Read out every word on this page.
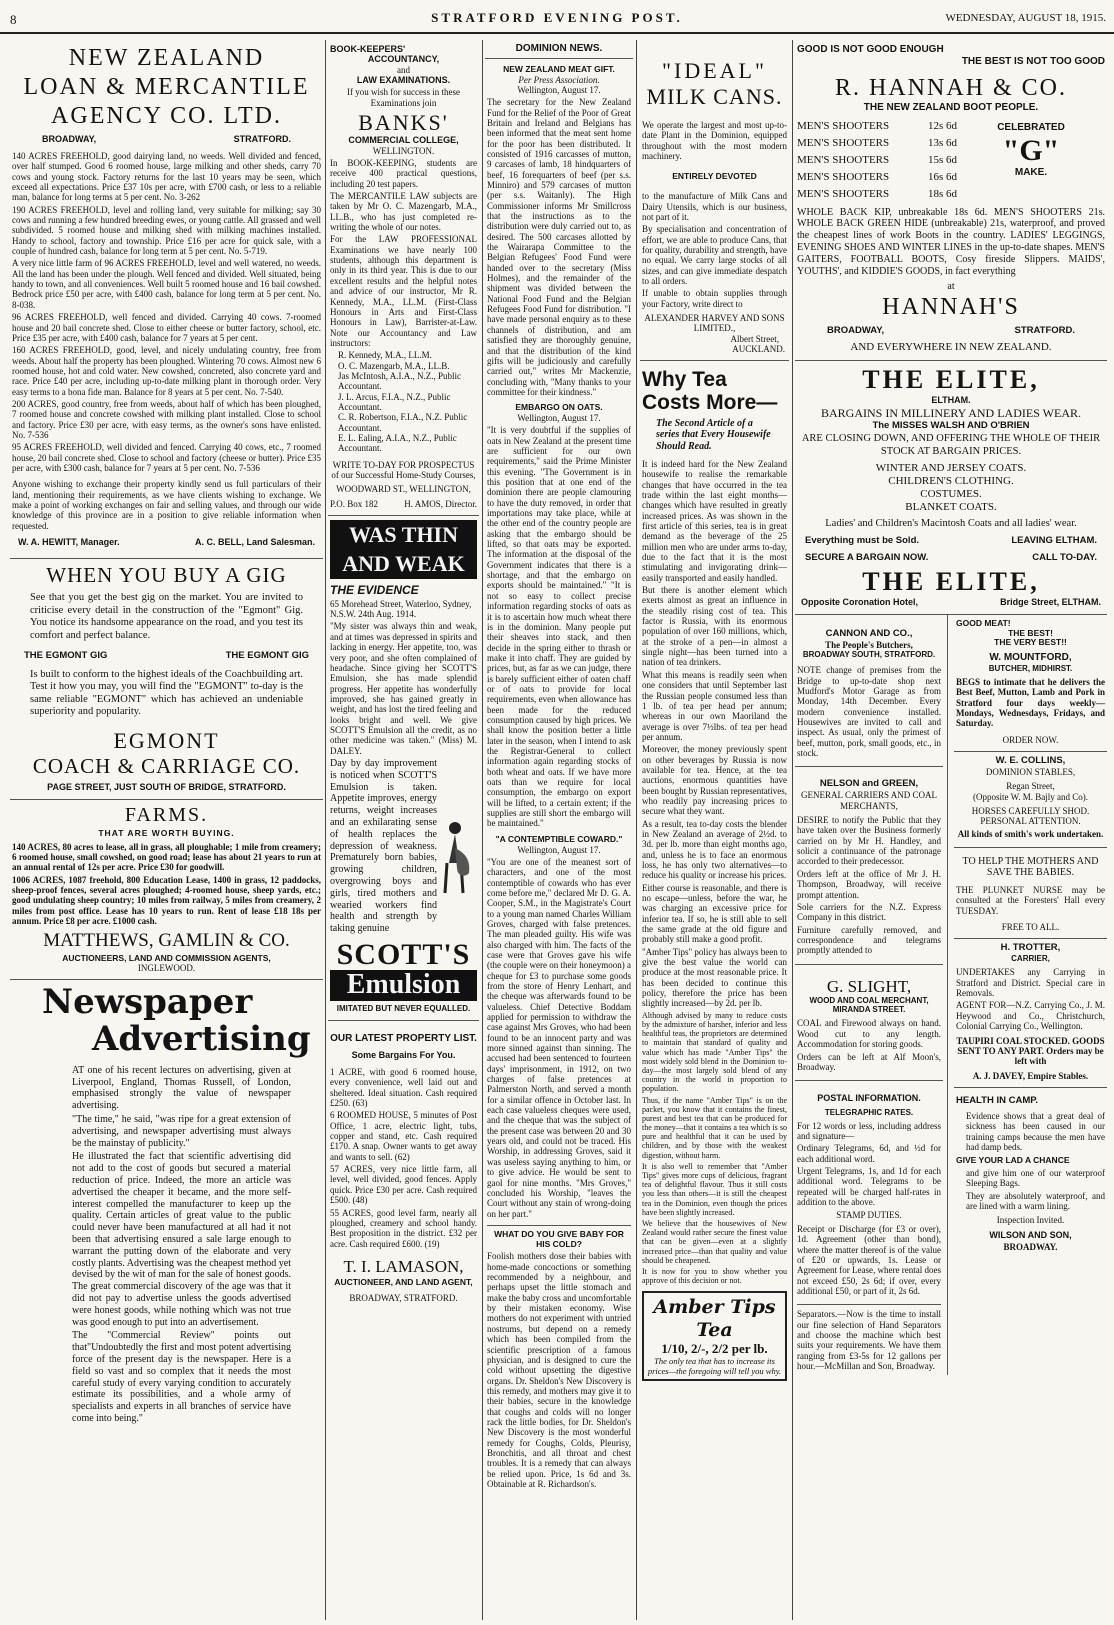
8	STRATFORD EVENING POST.	WEDNESDAY, AUGUST 18, 1915.
NEW ZEALAND
LOAN & MERCANTILE
AGENCY CO. LTD.
BROADWAY,	STRATFORD.

140 ACRES FREEHOLD, good dairying land, no weeds. Well divided and fenced, over half stumped. Good 6 roomed house, large milking and other sheds, carry 70 cows and young stock. Factory returns for the last 10 years may be seen, which exceed all expectations. Price £37 10s per acre, with £700 cash, or less to a reliable man, balance for long terms at 5 per cent. No. 3-262

190 ACRES FREEHOLD, level and rolling land, very suitable for milking; say 30 cows and running a few hundred breeding ewes, or young cattle. All grassed and well subdivided. 5 roomed house and milking shed with milking machines installed. Handy to school, factory and township. Price £16 per acre for quick sale, with a couple of hundred cash, balance for long term at 5 per cent. No. 5-719.

A very nice little farm of 96 ACRES FREEHOLD, level and well watered, no weeds. All the land has been under the plough. Well fenced and divided. Well situated, being handy to town, and all conveniences. Well built 5 roomed house and 16 bail cowshed. Bedrock price £50 per acre, with £400 cash, balance for long term at 5 per cent. No. 8-038.

96 ACRES FREEHOLD, well fenced and divided. Carrying 40 cows. 7-roomed house and 20 bail concrete shed. Close to either cheese or butter factory, school, etc. Price £35 per acre, with £400 cash, balance for 7 years at 5 per cent.

160 ACRES FREEHOLD, good, level, and nicely undulating country, free from weeds. About half the property has been ploughed. Wintering 70 cows. Almost new 6 roomed house, hot and cold water. New cowshed, concreted, also concrete yard and race. Price £40 per acre, including up-to-date milking plant in thorough order. Very easy terms to a bona fide man. Balance for 8 years at 5 per cent. No. 7-540.

200 ACRES, good country, free from weeds, about half of which has been ploughed, 7 roomed house and concrete cowshed with milking plant installed. Close to school and factory. Price £30 per acre, with easy terms, as the owner's sons have enlisted. No. 7-536

95 ACRES FREEHOLD, well divided and fenced. Carrying 40 cows, etc., 7 roomed house, 20 bail concrete shed. Close to school and factory (cheese or butter). Price £35 per acre, with £300 cash, balance for 7 years at 5 per cent. No. 7-536

Anyone wishing to exchange their property kindly send us full particulars of their land, mentioning their requirements, as we have clients wishing to exchange. We make a point of working exchanges on fair and selling values, and through our wide knowledge of this province are in a position to give reliable information when requested.

W. A. HEWITT, Manager.	A. C. BELL, Land Salesman.
WHEN YOU BUY A GIG

See that you get the best gig on the market. You are invited to criticise every detail in the construction of the "Egmont" Gig. You notice its handsome appearance on the road, and you test its comfort and perfect balance.

THE EGMONT GIG	THE EGMONT GIG

Is built to conform to the highest ideals of the Coachbuilding art. Test it how you may, you will find the "EGMONT" to-day is the same reliable "EGMONT" which has achieved an undeniable superiority and popularity.

EGMONT
COACH & CARRIAGE CO.
PAGE STREET, JUST SOUTH OF BRIDGE, STRATFORD.
FARMS.
THAT ARE WORTH BUYING.

140 ACRES, 80 acres to lease, all in grass, all ploughable; 1 mile from creamery; 6 roomed house, small cowshed, on good road; lease has about 21 years to run at an annual rental of 12s per acre. Price £30 for goodwill.

1006 ACRES, 1087 freehold, 800 Education Lease, 1400 in grass, 12 paddocks, sheep-proof fences, several acres ploughed; 4-roomed house, sheep yards, etc.; good undulating sheep country; 10 miles from railway, 5 miles from creamery, 2 miles from post office. Lease has 10 years to run. Rent of lease £18 18s per annum. Price £8 per acre. £1000 cash.

MATTHEWS, GAMLIN & CO.
AUCTIONEERS, LAND AND COMMISSION AGENTS,
INGLEWOOD.
Newspaper
Advertising

AT one of his recent lectures on advertising, given at Liverpool, England, Thomas Russell, of London, emphasised strongly the value of newspaper advertising.

"The time," he said, "was ripe for a great extension of advertising, and newspaper advertising must always be the mainstay of publicity."

He illustrated the fact that scientific advertising did not add to the cost of goods but secured a material reduction of price. Indeed, the more an article was advertised the cheaper it became, and the more self-interest compelled the manufacturer to keep up the quality. Certain articles of great value to the public could never have been manufactured at all had it not been that advertising ensured a sale large enough to warrant the putting down of the elaborate and very costly plants. Advertising was the cheapest method yet devised by the wit of man for the sale of honest goods. The great commercial discovery of the age was that it did not pay to advertise unless the goods advertised were honest goods, while nothing which was not true was good enough to put into an advertisement.

The "Commercial Review" points out that"Undoubtedly the first and most potent advertising force of the present day is the newspaper. Here is a field so vast and so complex that it needs the most careful study of every varying condition to accurately estimate its possibilities, and a whole army of specialists and experts in all branches of service have come into being."

BOOK-KEEPERS'
ACCOUNTANCY,
and
LAW EXAMINATIONS.

If you wish for success in these Examinations join

BANKS'
COMMERCIAL COLLEGE,
WELLINGTON.

In BOOK-KEEPING, students are receive 400 practical questions, including 20 test papers.

The MERCANTILE LAW subjects are taken by Mr O. C. Mazengarb, M.A., LL.B., who has just completed re-writing the whole of our notes.

For the LAW PROFESSIONAL Examinations we have nearly 100 students, although this department is only in its third year. This is due to our excellent results and the helpful notes and advice of our instructor, Mr R. Kennedy, M.A., LL.M. (First-Class Honours in Arts and First-Class Honours in Law), Barrister-at-Law. Note our Accountancy and Law instructors:

R. Kennedy, M.A., LL.M.
O. C. Mazengarb, M.A., LL.B.
Jas McIntosh, A.I.A., N.Z., Public Accountant.
J. L. Arcus, F.I.A., N.Z., Public Accountant.
C. R. Robertson, F.I.A., N.Z. Public Accountant.
E. L. Ealing, A.I.A., N.Z., Public Accountant.
WRITE TO-DAY FOR PROSPECTUS
of our Successful Home-Study Courses,
WOODWARD ST., WELLINGTON,
P.O. Box 182	H. AMOS, Director.
WAS THIN
AND WEAK
THE EVIDENCE

65 Morehead Street, Waterloo, Sydney, N.S.W. 24th Aug. 1914.

"My sister was always thin and weak, and at times was depressed in spirits and lacking in energy. Her appetite, too, was very poor, and she often complained of headache. Since giving her SCOTT'S Emulsion, she has made splendid progress. Her appetite has wonderfully improved, she has gained greatly in weight, and has lost the tired feeling and looks bright and well. We give SCOTT'S Emulsion all the credit, as no other medicine was taken." (Miss) M. DALEY.

Day by day improvement is noticed when SCOTT'S Emulsion is taken. Appetite improves, energy returns, weight increases and an exhilarating sense of health replaces the depression of weakness. Prematurely born babies, growing children, overgrowing boys and girls, tired mothers and wearied workers find health and strength by taking genuine

SCOTT'S
Emulsion
IMITATED BUT NEVER EQUALLED.
OUR LATEST PROPERTY LIST.
Some Bargains For You.

1 ACRE, with good 6 roomed house, every convenience, well laid out and sheltered. Ideal situation. Cash required £250. (63)

6 ROOMED HOUSE, 5 minutes of Post Office, 1 acre, electric light, tubs, copper and stand, etc. Cash required £170. A snap. Owner wants to get away and wants to sell. (62)

57 ACRES, very nice little farm, all level, well divided, good fences. Apply quick. Price £30 per acre. Cash required £500. (48)

55 ACRES, good level farm, nearly all ploughed, creamery and school handy. Best proposition in the district. £32 per acre. Cash required £600. (19)

T. I. LAMASON,
AUCTIONEER, AND LAND AGENT,
BROADWAY, STRATFORD.
DOMINION NEWS.
NEW ZEALAND MEAT GIFT.
Per Press Association.
Wellington, August 17.

The secretary for the New Zealand Fund for the Relief of the Poor of Great Britain and Ireland and Belgians has been informed that the meat sent home for the poor has been distributed. It consisted of 1916 carcasses of mutton, 9 carcases of lamb, 18 hindquarters of beef, 16 forequarters of beef (per s.s. Minniro) and 579 carcases of mutton (per s.s. Waitanly). The High Commissioner informs Mr Smillcross that the instructions as to the distribution were duly carried out to, as desired. The 500 carcases allotted by the Wairarapa Committee to the Belgian Refugees' Food Fund were handed over to the secretary (Miss Holmes), and the remainder of the shipment was divided between the National Food Fund and the Belgian Refugees Food Fund for distribution. "I have made personal enquiry as to these channels of distribution, and am satisfied they are thoroughly genuine, and that the distribution of the kind gifts will be judiciously and carefully carried out," writes Mr Mackenzie, concluding with, "Many thanks to your committee for their kindness."

EMBARGO ON OATS.
Wellington, August 17.

"It is very doubtful if the supplies of oats in New Zealand at the present time are sufficient for our own requirements," said the Prime Minister this evening. "The Government is in this position that at one end of the dominion there are people clamouring to have the duty removed, in order that importations may take place, while at the other end of the country people are asking that the embargo should be lifted, so that oats may be exported. The information at the disposal of the Government indicates that there is a shortage, and that the embargo on exports should be maintained." "It is not so easy to collect precise information regarding stocks of oats as it is to ascertain how much wheat there is in the dominion. Many people put their sheaves into stack, and then decide in the spring either to thrash or make it into chaff. They are guided by prices, but, as far as we can judge, there is barely sufficient either of oaten chaff or of oats to provide for local requirements, even when allowance has been made for the reduced consumption caused by high prices. We shall know the position better a little later in the season, when I intend to ask the Registrar-General to collect information again regarding stocks of both wheat and oats. If we have more oats than we require for local consumption, the embargo on export will be lifted, to a certain extent; if the supplies are still short the embargo will be maintained."

"A CONTEMPTIBLE COWARD."
Wellington, August 17.

"You are one of the meanest sort of characters, and one of the most contemptible of cowards who has ever come before me," declared Mr D. G. A. Cooper, S.M., in the Magistrate's Court to a young man named Charles William Groves, charged with false pretences. The man pleaded guilty. His wife was also charged with him. The facts of the case were that Groves gave his wife (the couple were on their honeymoon) a cheque for £3 to purchase some goods from the store of Henry Lenhart, and the cheque was afterwards found to be valueless. Chief Detective Boddam applied for permission to withdraw the case against Mrs Groves, who had been found to be an innocent party and was more sinned against than sinning. The accused had been sentenced to fourteen days' imprisonment, in 1912, on two charges of false pretences at Palmerston North, and served a month for a similar offence in October last. In each case valueless cheques were used, and the cheque that was the subject of the present case was between 20 and 30 years old, and could not be traced. His Worship, in addressing Groves, said it was useless saying anything to him, or to give advice. He would be sent to gaol for nine months. "Mrs Groves," concluded his Worship, "leaves the Court without any stain of wrong-doing on her part."

WHAT DO YOU GIVE BABY FOR HIS COLD?

Foolish mothers dose their babies with home-made concoctions or something recommended by a neighbour, and perhaps upset the little stomach and make the baby cross and uncomfortable by their mistaken economy. Wise mothers do not experiment with untried nostrums, but depend on a remedy which has been compiled from the scientific prescription of a famous physician, and is designed to cure the cold without upsetting the digestive organs. Dr. Sheldon's New Discovery is this remedy, and mothers may give it to their babies, secure in the knowledge that coughs and colds will no longer rack the little bodies, for Dr. Sheldon's New Discovery is the most wonderful remedy for Coughs, Colds, Pleurisy, Bronchitis, and all throat and chest troubles. It is a remedy that can always be relied upon. Price, 1s 6d and 3s. Obtainable at R. Richardson's.

"IDEAL"
MILK CANS.

We operate the largest and most up-to-date Plant in the Dominion, equipped throughout with the most modern machinery.

ENTIRELY DEVOTED

to the manufacture of Milk Cans and Dairy Utensils, which is our business, not part of it.

By specialisation and concentration of effort, we are able to produce Cans, that for quality, durability and strength, have no equal. We carry large stocks of all sizes, and can give immediate despatch to all orders.

If unable to obtain supplies through your Factory, write direct to

ALEXANDER HARVEY AND SONS LIMITED.,
Albert Street,
AUCKLAND.
Why Tea
Costs More—
The Second Article of a series that Every Housewife Should Read.

It is indeed hard for the New Zealand housewife to realise the remarkable changes that have occurred in the tea trade within the last eight months—changes which have resulted in greatly increased prices. As was shown in the first article of this series, tea is in great demand as the beverage of the 25 million men who are under arms to-day, due to the fact that it is the most stimulating and invigorating drink—easily transported and easily handled.

But there is another element which exerts almost as great an influence in the steadily rising cost of tea. This factor is Russia, with its enormous population of over 160 millions, which, at the stroke of a pen—in almost a single night—has been turned into a nation of tea drinkers.

What this means is readily seen when one considers that until September last the Russian people consumed less than 1 lb. of tea per head per annum; whereas in our own Maoriland the average is over 7½lbs. of tea per head per annum.

Moreover, the money previously spent on other beverages by Russia is now available for tea. Hence, at the tea auctions, enormous quantities have been bought by Russian representatives, who readily pay increasing prices to secure what they want.

As a result, tea to-day costs the blender in New Zealand an average of 2½d. to 3d. per lb. more than eight months ago, and, unless he is to face an enormous loss, he has only two alternatives—to reduce his quality or increase his prices.

Either course is reasonable, and there is no escape—unless, before the war, he was charging an excessive price for inferior tea. If so, he is still able to sell the same grade at the old figure and probably still make a good profit.

"Amber Tips" policy has always been to give the best value the world can produce at the most reasonable price. It has been decided to continue this policy, therefore the price has been slightly increased—by 2d. per lb.

Although advised by many to reduce costs by the admixture of harsher, inferior and less healthful teas, the proprietors are determined to maintain that standard of quality and value which has made "Amber Tips" the most widely sold blend in the Dominion to-day—the most largely sold blend of any country in the world in proportion to population.

Thus, if the name "Amber Tips" is on the packet, you know that it contains the finest, purest and best tea that can be produced for the money—that it contains a tea which is so pure and healthful that it can be used by children, and by those with the weakest digestion, without harm.

It is also well to remember that "Amber Tips" gives more cups of delicious, fragrant tea of delightful flavour. Thus it still costs you less than others—it is still the cheapest tea in the Dominion, even though the prices have been slightly increased.

We believe that the housewives of New Zealand would rather secure the finest value that can be given—even at a slightly increased price—than that quality and value should be cheapened.

It is now for you to show whether you approve of this decision or not.

Amber Tips Tea
1/10, 2/-, 2/2 per lb.
The only tea that has to increase its prices—the foregoing will tell you why.
GOOD IS NOT GOOD ENOUGH
THE BEST IS NOT TOO GOOD
R. HANNAH & CO.
THE NEW ZEALAND BOOT PEOPLE.
MEN'S SHOOTERS	12s 6d
MEN'S SHOOTERS	13s 6d
MEN'S SHOOTERS	15s 6d
MEN'S SHOOTERS	16s 6d
MEN'S SHOOTERS	18s 6d
CELEBRATED
"G"
MAKE.

WHOLE BACK KIP, unbreakable 18s 6d. MEN'S SHOOTERS 21s. WHOLE BACK GREEN HIDE (unbreakable) 21s, waterproof, and proved the cheapest lines of work Boots in the country. LADIES' LEGGINGS, EVENING SHOES AND WINTER LINES in the up-to-date shapes. MEN'S GAITERS, FOOTBALL BOOTS, Cosy fireside Slippers. MAIDS', YOUTHS', and KIDDIE'S GOODS, in fact everything

at
HANNAH'S
BROADWAY,	STRATFORD.
AND EVERYWHERE IN NEW ZEALAND.
THE ELITE,
ELTHAM.
BARGAINS IN MILLINERY AND LADIES WEAR.
The MISSES WALSH AND O'BRIEN

ARE CLOSING DOWN, AND OFFERING THE WHOLE OF THEIR STOCK AT BARGAIN PRICES.

WINTER AND JERSEY COATS.
CHILDREN'S CLOTHING.
COSTUMES.
BLANKET COATS.

Ladies' and Children's Macintosh Coats and all ladies' wear.

Everything must be Sold.	LEAVING ELTHAM.
SECURE A BARGAIN NOW.	CALL TO-DAY.
THE ELITE,
Opposite Coronation Hotel,	Bridge Street, ELTHAM.
CANNON AND CO.,
The People's Butchers,
BROADWAY SOUTH, STRATFORD.

NOTE change of premises from the Bridge to up-to-date shop next Mudford's Motor Garage as from Monday, 14th December. Every modern convenience installed. Housewives are invited to call and inspect. As usual, only the primest of beef, mutton, pork, small goods, etc., in stock.

NELSON and GREEN,
GENERAL CARRIERS AND COAL MERCHANTS,

DESIRE to notify the Public that they have taken over the Business formerly carried on by Mr H. Handley, and solicit a continuance of the patronage accorded to their predecessor.

Orders left at the office of Mr J. H. Thompson, Broadway, will receive prompt attention.

Sole carriers for the N.Z. Express Company in this district.

Furniture carefully removed, and correspondence and telegrams promptly attended to

G. SLIGHT,
WOOD AND COAL MERCHANT, MIRANDA STREET.

COAL and Firewood always on hand. Wood cut to any length. Accommodation for storing goods.

Orders can be left at Alf Moon's, Broadway.

POSTAL INFORMATION.
TELEGRAPHIC RATES.

For 12 words or less, including address and signature—

Ordinary Telegrams, 6d, and ½d for each additional word.

Urgent Telegrams, 1s, and 1d for each additional word. Telegrams to be repeated will be charged half-rates in addition to the above.

STAMP DUTIES.

Receipt or Discharge (for £3 or over), 1d. Agreement (other than bond), where the matter thereof is of the value of £20 or upwards, 1s. Lease or Agreement for Lease, where rental does not exceed £50, 2s 6d; if over, every additional £50, or part of it, 2s 6d.

Separators.—Now is the time to install our fine selection of Hand Separators and choose the machine which best suits your requirements. We have them ranging from £3-5s for 12 gallons per hour.—McMillan and Son, Broadway.

GOOD MEAT!
THE BEST!
THE VERY BEST!!
W. MOUNTFORD,
BUTCHER, MIDHIRST.

BEGS to intimate that he delivers the Best Beef, Mutton, Lamb and Pork in Stratford four days weekly—Mondays, Wednesdays, Fridays, and Saturday.

ORDER NOW.
W. E. COLLINS,
DOMINION STABLES,
Regan Street,
(Opposite W. M. Bajly and Co).

HORSES CAREFULLY SHOD. PERSONAL ATTENTION.

All kinds of smith's work undertaken.

TO HELP THE MOTHERS AND SAVE THE BABIES.

THE PLUNKET NURSE may be consulted at the Foresters' Hall every TUESDAY.

FREE TO ALL.
H. TROTTER,
CARRIER,

UNDERTAKES any Carrying in Stratford and District. Special care in Removals.

AGENT FOR—N.Z. Carrying Co., J. M. Heywood and Co., Christchurch, Colonial Carrying Co., Wellington.

TAUPIRI COAL STOCKED. GOODS SENT TO ANY PART. Orders may be left with

A. J. DAVEY, Empire Stables.
HEALTH IN CAMP.

Evidence shows that a great deal of sickness has been caused in our training camps because the men have had damp beds.

GIVE YOUR LAD A CHANCE

and give him one of our waterproof Sleeping Bags.

They are absolutely waterproof, and are lined with a warm lining.

Inspection Invited.
WILSON AND SON,
BROADWAY.
